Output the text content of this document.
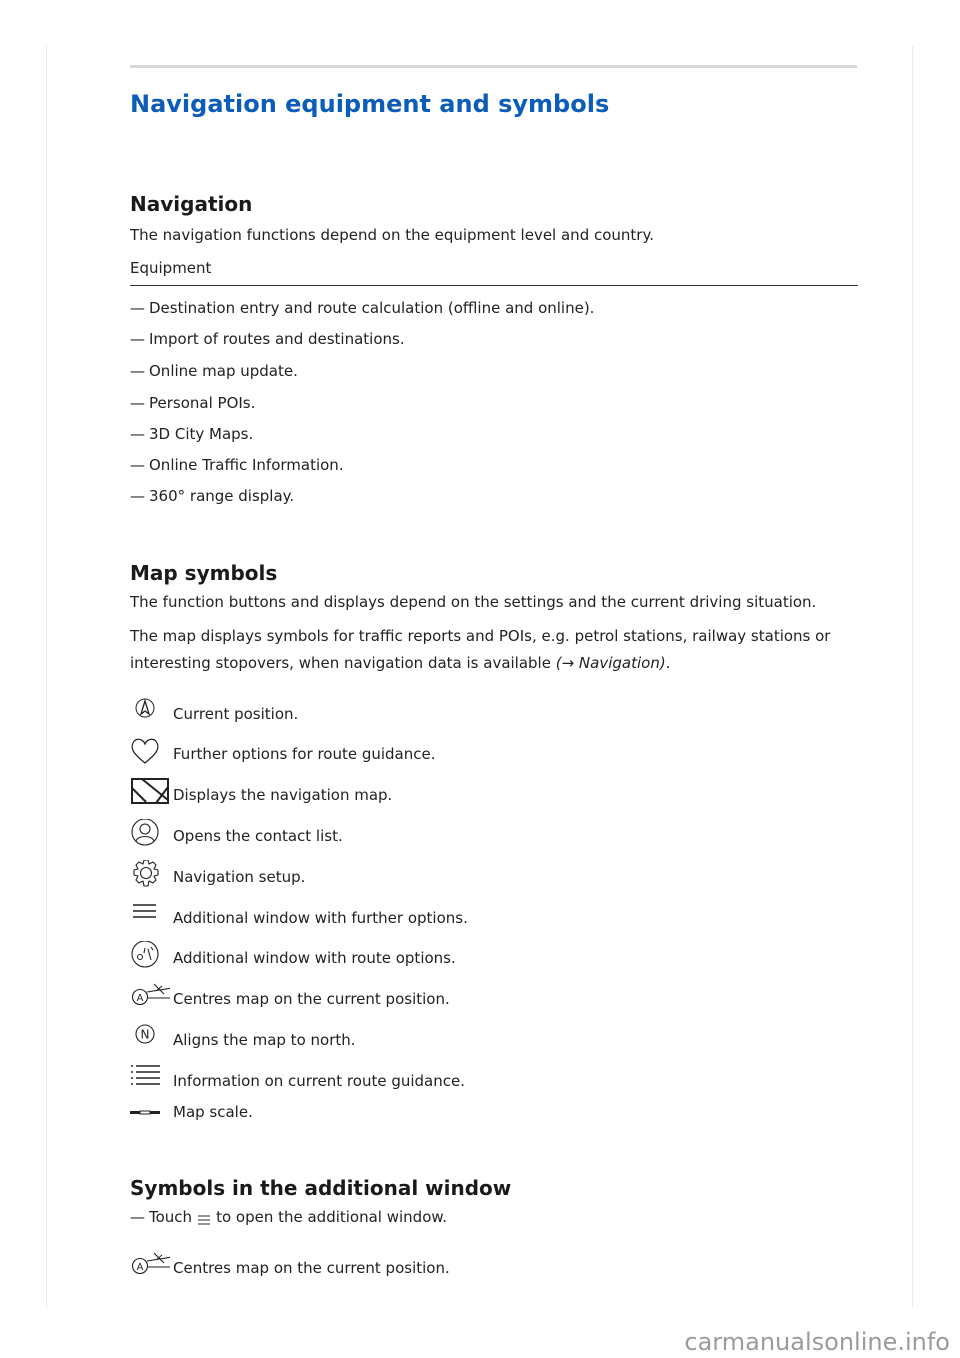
Navigation equipment and symbols
Navigation

The navigation functions depend on the equipment level and country.

Equipment

— Destination entry and route calculation (offline and online).
— Import of routes and destinations.
— Online map update.
— Personal POIs.
— 3D City Maps.
— Online Traffic Information.
— 360° range display.
Map symbols

The function buttons and displays depend on the settings and the current driving situation.

The map displays symbols for traffic reports and POIs, e.g. petrol stations, railway stations or

interesting stopovers, when navigation data is available (→ Navigation).

Current position.
Further options for route guidance.
Displays the navigation map.
Opens the contact list.
Navigation setup.
Additional window with further options.
Additional window with route options.
A Centres map on the current position.
N Aligns the map to north.
Information on current route guidance.
Map scale.
Symbols in the additional window
— Touch to open the additional window.
A Centres map on the current position.
carmanualsonline.info
